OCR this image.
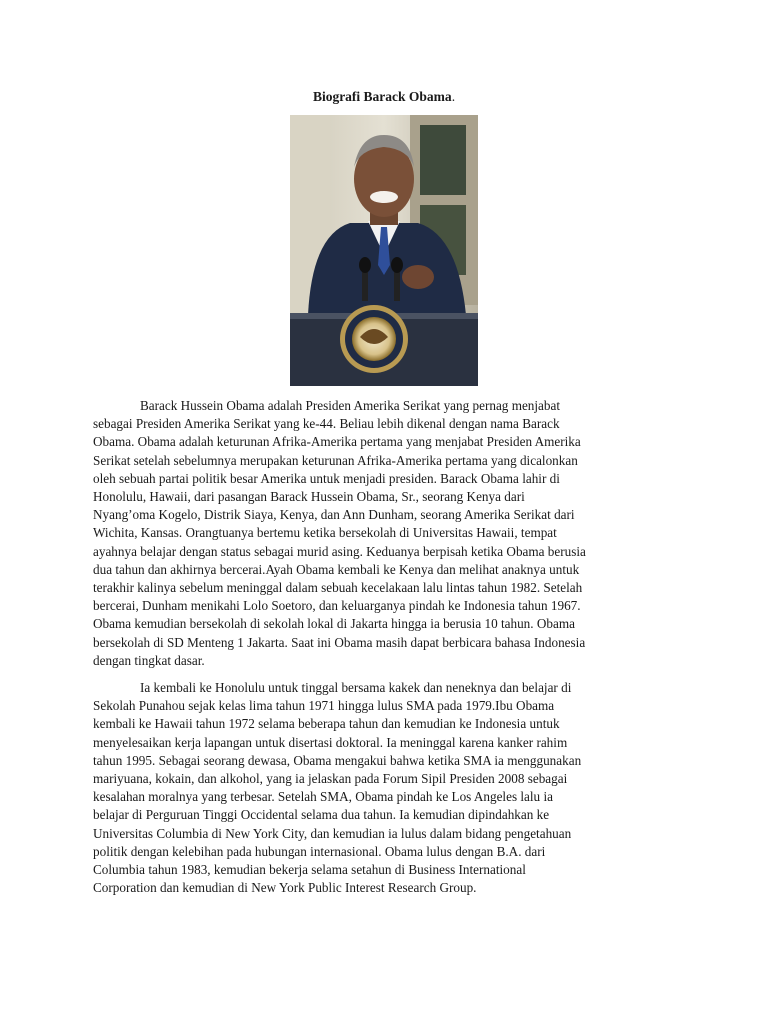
Biografi Barack Obama.

Barack Hussein Obama adalah Presiden Amerika Serikat yang pernag menjabat
sebagai Presiden Amerika Serikat yang ke-44. Beliau lebih dikenal dengan nama Barack
Obama. Obama adalah keturunan Afrika-Amerika pertama yang menjabat Presiden Amerika
Serikat setelah sebelumnya merupakan keturunan Afrika-Amerika pertama yang dicalonkan
oleh sebuah partai politik besar Amerika untuk menjadi presiden. Barack Obama lahir di
Honolulu, Hawaii, dari pasangan Barack Hussein Obama, Sr., seorang Kenya dari
Nyang’oma Kogelo, Distrik Siaya, Kenya, dan Ann Dunham, seorang Amerika Serikat dari
Wichita, Kansas. Orangtuanya bertemu ketika bersekolah di Universitas Hawaii, tempat
ayahnya belajar dengan status sebagai murid asing. Keduanya berpisah ketika Obama berusia
dua tahun dan akhirnya bercerai.Ayah Obama kembali ke Kenya dan melihat anaknya untuk
terakhir kalinya sebelum meninggal dalam sebuah kecelakaan lalu lintas tahun 1982. Setelah
bercerai, Dunham menikahi Lolo Soetoro, dan keluarganya pindah ke Indonesia tahun 1967.
Obama kemudian bersekolah di sekolah lokal di Jakarta hingga ia berusia 10 tahun. Obama
bersekolah di SD Menteng 1 Jakarta. Saat ini Obama masih dapat berbicara bahasa Indonesia
dengan tingkat dasar.

Ia kembali ke Honolulu untuk tinggal bersama kakek dan neneknya dan belajar di
Sekolah Punahou sejak kelas lima tahun 1971 hingga lulus SMA pada 1979.Ibu Obama
kembali ke Hawaii tahun 1972 selama beberapa tahun dan kemudian ke Indonesia untuk
menyelesaikan kerja lapangan untuk disertasi doktoral. Ia meninggal karena kanker rahim
tahun 1995. Sebagai seorang dewasa, Obama mengakui bahwa ketika SMA ia menggunakan
mariyuana, kokain, dan alkohol, yang ia jelaskan pada Forum Sipil Presiden 2008 sebagai
kesalahan moralnya yang terbesar. Setelah SMA, Obama pindah ke Los Angeles lalu ia
belajar di Perguruan Tinggi Occidental selama dua tahun. Ia kemudian dipindahkan ke
Universitas Columbia di New York City, dan kemudian ia lulus dalam bidang pengetahuan
politik dengan kelebihan pada hubungan internasional. Obama lulus dengan B.A. dari
Columbia tahun 1983, kemudian bekerja selama setahun di Business International
Corporation dan kemudian di New York Public Interest Research Group.
